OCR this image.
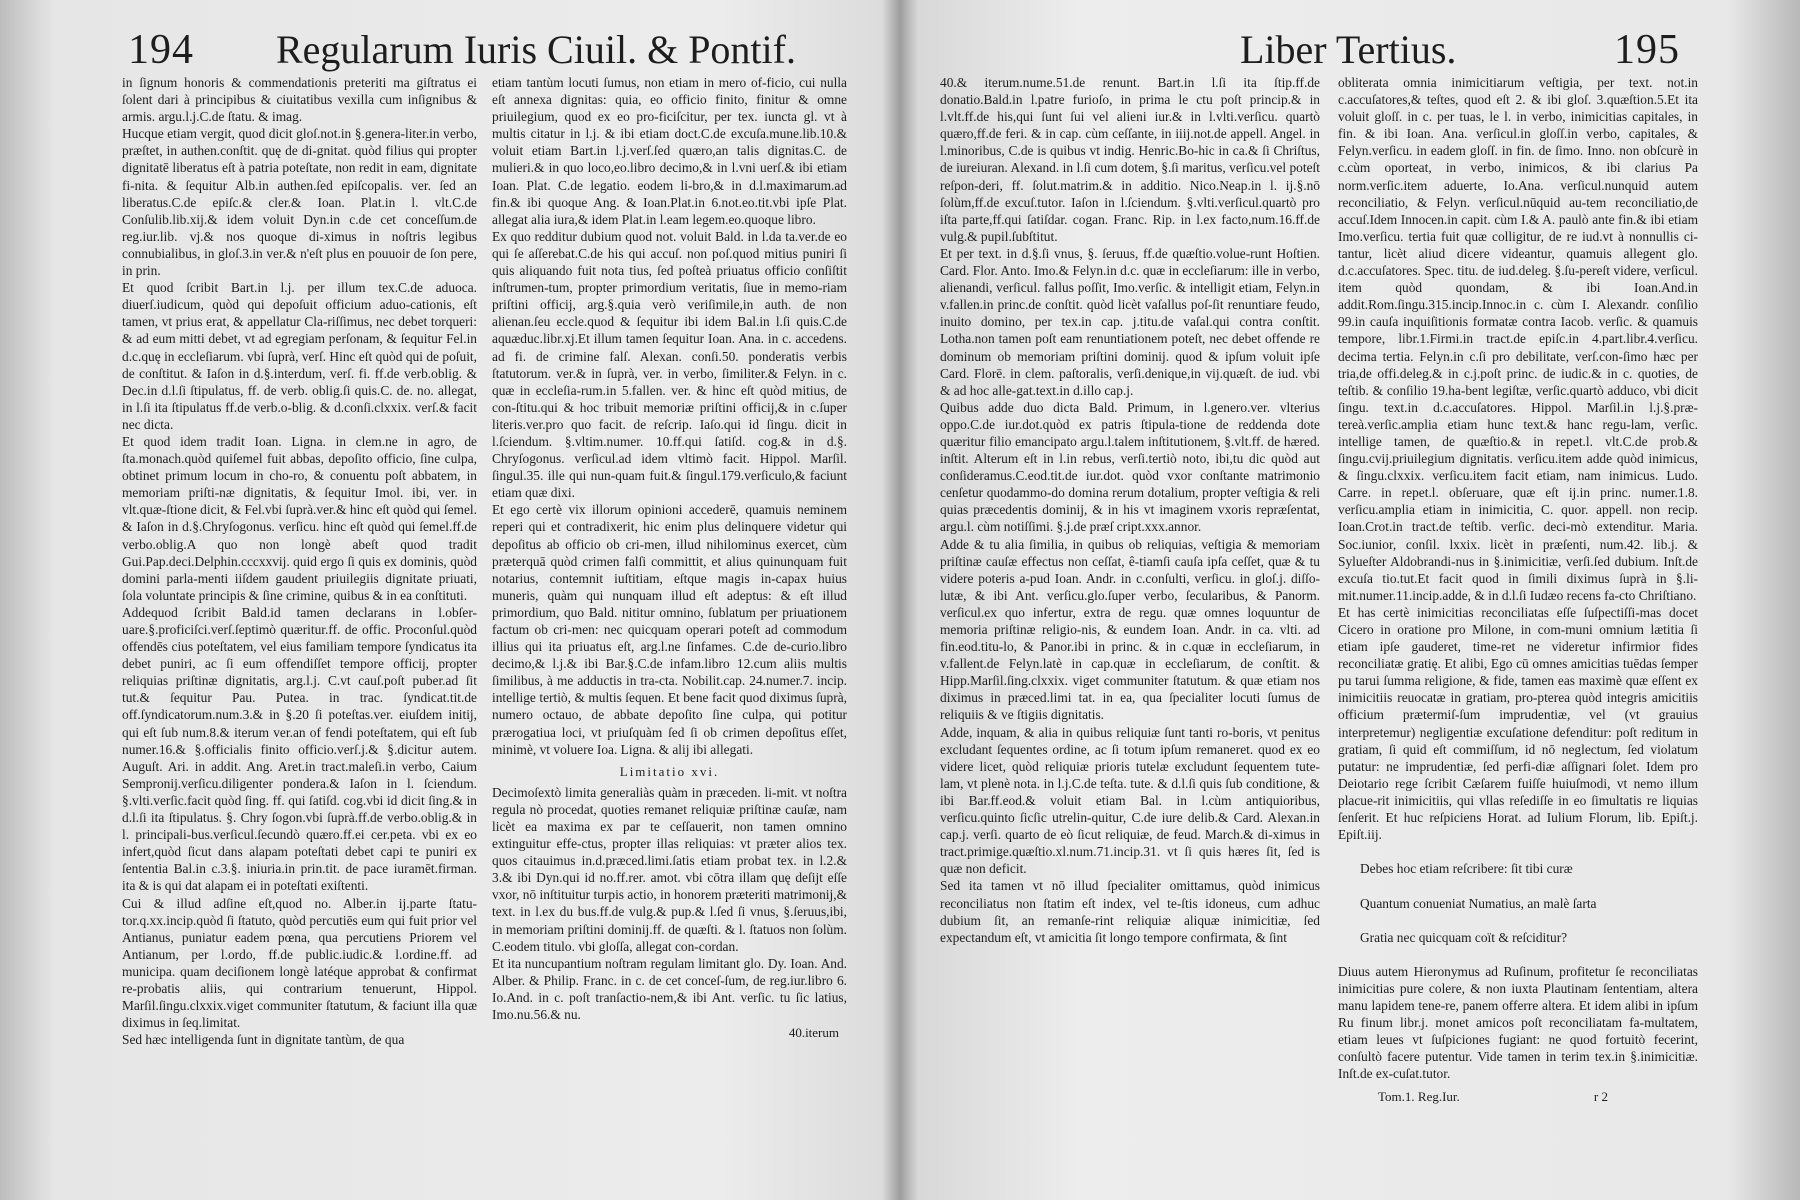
194 Regularum Iuris Ciuil. & Pontif.

in ſignum honoris & commendationis preteriti ma giſtratus ei ſolent dari à principibus & ciuitatibus vexilla cum inſignibus & armis. argu.l.j.C.de ſtatu. & imag.

Hucque etiam vergit, quod dicit gloſ.not.in §.genera-liter.in verbo, præſtet, in authen.conſtit. quę de di-gnitat. quòd filius qui propter dignitatē liberatus eſt à patria poteſtate, non redit in eam, dignitate fi-nita. & ſequitur Alb.in authen.ſed epiſcopalis. ver. ſed an liberatus.C.de epiſc.& cler.& Ioan. Plat.in l. vlt.C.de Conſulib.lib.xij.& idem voluit Dyn.in c.de cet conceſſum.de reg.iur.lib. vj.& nos quoque di-ximus in noſtris legibus connubialibus, in gloſ.3.in ver.& n'eſt plus en pouuoir de ſon pere, in prin.

Et quod ſcribit Bart.in l.j. per illum tex.C.de aduoca. diuerſ.iudicum, quòd qui depoſuit officium aduo-cationis, eſt tamen, vt prius erat, & appellatur Cla-riſſimus, nec debet torqueri: & ad eum mitti debet, vt ad egregiam perſonam, & ſequitur Fel.in d.c.quę in eccleſiarum. vbi ſuprà, verſ. Hinc eſt quòd qui de poſuit, de conſtitut. & Iaſon in d.§.interdum, verſ. fi. ff.de verb.oblig. & Dec.in d.l.ſi ſtipulatus, ff. de verb. oblig.ſi quis.C. de. no. allegat, in l.ſi ita ſtipulatus ff.de verb.o-blig. & d.conſi.clxxix. verſ.& facit nec dicta.

Et quod idem tradit Ioan. Ligna. in clem.ne in agro, de ſta.monach.quòd quiſemel fuit abbas, depoſito officio, ſine culpa, obtinet primum locum in cho-ro, & conuentu poſt abbatem, in memoriam priſti-næ dignitatis, & ſequitur Imol. ibi, ver. in vlt.quæ-ſtione dicit, & Fel.vbi ſuprà.ver.& hinc eſt quòd qui ſemel. & Iaſon in d.§.Chryſogonus. verſicu. hinc eſt quòd qui ſemel.ff.de verbo.oblig.A quo non longè abeſt quod tradit Gui.Pap.deci.Delphin.cccxxvij. quid ergo ſi quis ex dominis, quòd domini parla-menti iiſdem gaudent priuilegiis dignitate priuati, ſola voluntate principis & ſine crimine, quibus & in ea conſtituti.

Addequod ſcribit Bald.id tamen declarans in l.obſer-uare.§.proficiſci.verſ.ſeptimò quæritur.ff. de offic. Proconſul.quòd offendēs cius poteſtatem, vel eius familiam tempore ſyndicatus ita debet puniri, ac ſi eum offendiſſet tempore officij, propter reliquias priſtinæ dignitatis, arg.l.j. C.vt cauſ.poſt puber.ad ſit tut.& ſequitur Pau. Putea. in trac. ſyndicat.tit.de off.ſyndicatorum.num.3.& in §.20 ſi poteſtas.ver. eiuſdem initij, qui eſt ſub num.8.& iterum ver.an of fendi poteſtatem, qui eſt ſub numer.16.& §.officialis finito officio.verſ.j.& §.dicitur autem. Auguſt. Ari. in addit. Ang. Aret.in tract.maleſi.in verbo, Caium Sempronij.verſicu.diligenter pondera.& Iaſon in l. ſciendum. §.vlti.verſic.facit quòd ſing. ff. qui ſatiſd. cog.vbi id dicit ſing.& in d.l.ſi ita ſtipulatus. §. Chry ſogon.vbi ſuprà.ff.de verbo.oblig.& in l. principali-bus.verſicul.ſecundò quæro.ff.ei cer.peta. vbi ex eo infert,quòd ſicut dans alapam poteſtati debet capi te puniri ex ſententia Bal.in c.3.§. iniuria.in prin.tit. de pace iuramēt.firman. ita & is qui dat alapam ei in poteſtati exiſtenti.

Cui & illud adſine eſt,quod no. Alber.in ij.parte ſtatu-tor.q.xx.incip.quòd ſi ſtatuto, quòd percutiēs eum qui fuit prior vel Antianus, puniatur eadem pœna, qua percutiens Priorem vel Antianum, per l.ordo, ff.de public.iudic.& l.ordine.ff. ad municipa. quam deciſionem longè latéque approbat & confirmat re-probatis aliis, qui contrarium tenuerunt, Hippol. Marſil.ſingu.clxxix.viget communiter ſtatutum, & faciunt illa quæ diximus in ſeq.limitat.

Sed hæc intelligenda ſunt in dignitate tantùm, de qua

etiam tantùm locuti ſumus, non etiam in mero of-ficio, cui nulla eſt annexa dignitas: quia, eo officio finito, finitur & omne priuilegium, quod ex eo pro-ficiſcitur, per tex. iuncta gl. vt à multis citatur in l.j. & ibi etiam doct.C.de excuſa.mune.lib.10.& voluit etiam Bart.in l.j.verſ.ſed quæro,an talis dignitas.C. de mulieri.& in quo loco,eo.libro decimo,& in l.vni uerſ.& ibi etiam Ioan. Plat. C.de legatio. eodem li-bro,& in d.l.maximarum.ad fin.& ibi quoque Ang. & Ioan.Plat.in 6.not.eo.tit.vbi ipſe Plat. allegat alia iura,& idem Plat.in l.eam legem.eo.quoque libro.

Ex quo redditur dubium quod not. voluit Bald. in l.da ta.ver.de eo qui ſe aſſerebat.C.de his qui accuſ. non poſ.quod mitius puniri ſi quis aliquando fuit nota tius, ſed poſteà priuatus officio conſiſtit inſtrumen-tum, propter primordium veritatis, ſiue in memo-riam priſtini officij, arg.§.quia verò veriſimile,in auth. de non alienan.ſeu eccle.quod & ſequitur ibi idem Bal.in l.ſi quis.C.de aquæduc.libr.xj.Et illum tamen ſequitur Ioan. Ana. in c. accedens. ad fi. de crimine falſ. Alexan. conſi.50. ponderatis verbis ſtatutorum. ver.& in ſuprà, ver. in verbo, ſimiliter.& Felyn. in c. quæ in eccleſia-rum.in 5.fallen. ver. & hinc eſt quòd mitius, de con-ſtitu.qui & hoc tribuit memoriæ priſtini officij,& in c.ſuper literis.ver.pro quo facit. de reſcrip. Iaſo.qui id ſingu. dicit in l.ſciendum. §.vltim.numer. 10.ff.qui ſatiſd. cog.& in d.§. Chryſogonus. verſicul.ad idem vltimò facit. Hippol. Marſil. ſingul.35. ille qui nun-quam fuit.& ſingul.179.verſiculo,& faciunt etiam quæ dixi.

Et ego certè vix illorum opinioni accederē, quamuis neminem reperi qui et contradixerit, hic enim plus delinquere videtur qui depoſitus ab officio ob cri-men, illud nihilominus exercet, cùm præterquā quòd crimen falſi committit, et alius quinunquam fuit notarius, contemnit iuſtitiam, eſtque magis in-capax huius muneris, quàm qui nunquam illud eſt adeptus: & eſt illud primordium, quo Bald. nititur omnino, ſublatum per priuationem factum ob cri-men: nec quicquam operari poteſt ad commodum illius qui ita priuatus eſt, arg.l.ne ſinfames. C.de de-curio.libro decimo,& l.j.& ibi Bar.§.C.de infam.libro 12.cum aliis multis ſimilibus, à me adductis in tra-cta. Nobilit.cap. 24.numer.7. incip. intellige tertiò, & multis ſequen. Et bene facit quod diximus ſuprà, numero octauo, de abbate depoſito ſine culpa, qui potitur prærogatiua loci, vt priuſquàm ſed ſi ob crimen depoſitus eſſet, minimè, vt voluere Ioa. Ligna. & alij ibi allegati.

Limitatio xvi.

Decimoſextò limita generaliàs quàm in præceden. li-mit. vt noſtra regula nò procedat, quoties remanet reliquiæ priſtinæ cauſæ, nam licèt ea maxima ex par te ceſſauerit, non tamen omnino extinguitur effe-ctus, propter illas reliquias: vt præter alios tex. quos citauimus in.d.præced.limi.ſatis etiam probat tex. in l.2.& 3.& ibi Dyn.qui id no.ff.rer. amot. vbi cōtra illam quę deſijt eſſe vxor, nō inſtituitur turpis actio, in honorem præteriti matrimonij,& text. in l.ex du bus.ff.de vulg.& pup.& l.ſed ſi vnus, §.ſeruus,ibi, in memoriam priſtini dominij.ff. de quæſti. & l. ſtatuos non ſolùm. C.eodem titulo. vbi gloſſa, allegat con-cordan.

Et ita nuncupantium noſtram regulam limitant glo. Dy. Ioan. And. Alber. & Philip. Franc. in c. de cet conceſ-ſum, de reg.iur.libro 6. Io.And. in c. poſt tranſactio-nem,& ibi Ant. verſic. tu ſic latius, Imo.nu.56.& nu.

40.iterum
Liber Tertius.	195

40.& iterum.nume.51.de renunt. Bart.in l.ſi ita ſtip.ff.de donatio.Bald.in l.patre furioſo, in prima le ctu poſt princip.& in l.vlt.ff.de his,qui ſunt ſui vel alieni iur.& in l.vlti.verſicu. quartò quæro,ff.de feri. & in cap. cùm ceſſante, in iiij.not.de appell. Angel. in l.minoribus, C.de is quibus vt indig. Henric.Bo-hic in ca.& ſi Chriſtus, de iureiuran. Alexand. in l.ſi cum dotem, §.ſi maritus, verſicu.vel poteſt reſpon-deri, ff. ſolut.matrim.& in additio. Nico.Neap.in l. ij.§.nō ſolùm,ff.de excuſ.tutor. Iaſon in l.ſciendum. §.vlti.verſicul.quartò pro iſta parte,ff.qui ſatiſdar. cogan. Franc. Rip. in l.ex facto,num.16.ff.de vulg.& pupil.ſubſtitut.

Et per text. in d.§.ſi vnus, §. ſeruus, ff.de quæſtio.volue-runt Hoſtien. Card. Flor. Anto. Imo.& Felyn.in d.c. quæ in eccleſiarum: ille in verbo, alienandi, verſicul. fallus poſſit, Imo.verſic. & intelligit etiam, Felyn.in v.fallen.in princ.de conſtit. quòd licèt vaſallus poſ-ſit renuntiare feudo, inuito domino, per tex.in cap. j.titu.de vaſal.qui contra conſtit. Lotha.non tamen poſt eam renuntiationem poteſt, nec debet offende re dominum ob memoriam priſtini dominij. quod & ipſum voluit ipſe Card. Florē. in clem. paſtoralis, verſi.denique,in vij.quæſt. de iud. vbi & ad hoc alle-gat.text.in d.illo cap.j.

Quibus adde duo dicta Bald. Primum, in l.genero.ver. vlterius oppo.C.de iur.dot.quòd ex patris ſtipula-tione de reddenda dote quæritur filio emancipato argu.l.talem inſtitutionem, §.vlt.ff. de hæred. inſtit. Alterum eſt in l.in rebus, verſi.tertiò noto, ibi,tu dic quòd aut conſideramus.C.eod.tit.de iur.dot. quòd vxor conſtante matrimonio cenſetur quodammo-do domina rerum dotalium, propter veſtigia & reli quias præcedentis dominij, & in his vt imaginem vxoris repræſentat, argu.l. cùm notiſſimi. §.j.de præſ cript.xxx.annor.

Adde & tu alia ſimilia, in quibus ob reliquias, veſtigia & memoriam priſtinæ cauſæ effectus non ceſſat, ê-tiamſi cauſa ipſa ceſſet, quæ & tu videre poteris a-pud Ioan. Andr. in c.conſulti, verſicu. in gloſ.j. diſſo-lutæ, & ibi Ant. verſicu.glo.ſuper verbo, ſecularibus, & Panorm. verſicul.ex quo infertur, extra de regu. quæ omnes loquuntur de memoria priſtinæ religio-nis, & eundem Ioan. Andr. in ca. vlti. ad fin.eod.titu-lo, & Panor.ibi in princ. & in c.quæ in eccleſiarum, in v.fallent.de Felyn.latè in cap.quæ in eccleſiarum, de conſtit. & Hipp.Marſil.ſing.clxxix. viget communiter ſtatutum. & quæ etiam nos diximus in præced.limi tat. in ea, qua ſpecialiter locuti ſumus de reliquiis & ve ſtigiis dignitatis.

Adde, inquam, & alia in quibus reliquiæ ſunt tanti ro-boris, vt penitus excludant ſequentes ordine, ac ſi totum ipſum remaneret. quod ex eo videre licet, quòd reliquiæ prioris tutelæ excludunt ſequentem tute-lam, vt plenè nota. in l.j.C.de teſta. tute. & d.l.ſi quis ſub conditione, & ibi Bar.ff.eod.& voluit etiam Bal. in l.cùm antiquioribus, verſicu.quinto ſicſic utrelin-quitur, C.de iure delib.& Card. Alexan.in cap.j. verſi. quarto de eò ſicut reliquiæ, de feud. March.& di-ximus in tract.primige.quæſtio.xl.num.71.incip.31. vt ſi quis hæres ſit, ſed is quæ non deficit.

Sed ita tamen vt nō illud ſpecialiter omittamus, quòd inimicus reconciliatus non ſtatim eſt index, vel te-ſtis idoneus, cum adhuc dubium ſit, an remanſe-rint reliquiæ aliquæ inimicitiæ, ſed expectandum eſt, vt amicitia ſit longo tempore confirmata, & ſint

obliterata omnia inimicitiarum veſtigia, per text. not.in c.accuſatores,& teſtes, quod eſt 2. & ibi gloſ. 3.quæſtion.5.Et ita voluit gloſſ. in c. per tuas, le l. in verbo, inimicitias capitales, in fin. & ibi Ioan. Ana. verſicul.in gloſſ.in verbo, capitales, & Felyn.verſicu. in eadem gloſſ. in fin. de ſimo. Inno. non obſcurè in c.cùm oporteat, in verbo, inimicos, & ibi clarius Pa norm.verſic.item aduerte, Io.Ana. verſicul.nunquid autem reconciliatio, & Felyn. verſicul.nūquid au-tem reconciliatio,de accuſ.Idem Innocen.in capit. cùm I.& A. paulò ante fin.& ibi etiam Imo.verſicu. tertia fuit quæ colligitur, de re iud.vt à nonnullis ci-tantur, licèt aliud dicere videantur, quamuis allegent glo. d.c.accuſatores. Spec. titu. de iud.deleg. §.ſu-pereſt videre, verſicul. item quòd quondam, & ibi Ioan.And.in addit.Rom.ſingu.315.incip.Innoc.in c. cùm I. Alexandr. conſilio 99.in cauſa inquiſitionis formatæ contra Iacob. verſic. & quamuis tempore, libr.1.Firmi.in tract.de epiſc.in 4.part.libr.4.verſicu. decima tertia. Felyn.in c.ſi pro debilitate, verſ.con-ſimo hæc per tria,de offi.deleg.& in c.j.poſt princ. de iudic.& in c. quoties, de teſtib. & conſilio 19.ha-bent legiſtæ, verſic.quartò adduco, vbi dicit ſingu. text.in d.c.accuſatores. Hippol. Marſil.in l.j.§.præ-tereà.verſic.amplia etiam hunc text.& hanc regu-lam, verſic. intellige tamen, de quæſtio.& in repet.l. vlt.C.de prob.& ſingu.cvij.priuilegium dignitatis. verſicu.item adde quòd inimicus, & ſingu.clxxix. verſicu.item facit etiam, nam inimicus. Ludo. Carre. in repet.l. obſeruare, quæ eſt ij.in princ. numer.1.8. verſicu.amplia etiam in inimicitia, C. quor. appell. non recip. Ioan.Crot.in tract.de teſtib. verſic. deci-mò extenditur. Maria. Soc.iunior, conſil. lxxix. licèt in præſenti, num.42. lib.j. & Sylueſter Aldobrandi-nus in §.inimicitiæ, verſi.ſed dubium. Inſt.de excuſa tio.tut.Et facit quod in ſimili diximus ſuprà in §.li-mit.numer.11.incip.adde, & in d.l.ſi Iudæo recens fa-cto Chriſtiano.

Et has certè inimicitias reconciliatas eſſe ſuſpectiſſi-mas docet Cicero in oratione pro Milone, in com-muni omnium lætitia ſi etiam ipſe gauderet, time-ret ne videretur infirmior fides reconciliatæ gratię. Et alibi, Ego cū omnes amicitias tuēdas ſemper pu tarui ſumma religione, & fide, tamen eas maximè quæ eſſent ex inimicitiis reuocatæ in gratiam, pro-pterea quòd integris amicitiis officium prætermiſ-ſum imprudentiæ, vel (vt grauius interpretemur) negligentiæ excuſatione defenditur: poſt reditum in gratiam, ſi quid eſt commiſſum, id nō neglectum, ſed violatum putatur: ne imprudentiæ, ſed perfi-diæ aſſignari ſolet. Idem pro Deiotario rege ſcribit Cæſarem fuiſſe huiuſmodi, vt nemo illum placue-rit inimicitiis, qui vllas reſediſſe in eo ſimultatis re liquias ſenſerit. Et huc reſpiciens Horat. ad Iulium Florum, lib. Epiſt.j. Epiſt.iij.

Debes hoc etiam reſcribere: ſit tibi curæ

Quantum conueniat Numatius, an malè ſarta

Gratia nec quicquam coït & reſciditur?

Diuus autem Hieronymus ad Ruſinum, profitetur ſe reconciliatas inimicitias pure colere, & non iuxta Plautinam ſententiam, altera manu lapidem tene-re, panem offerre altera. Et idem alibi in ipſum Ru finum libr.j. monet amicos poſt reconciliatam fa-multatem, etiam leues vt ſuſpiciones fugiant: ne quod fortuitò fecerint, conſultò facere putentur. Vide tamen in terim tex.in §.inimicitiæ. Inſt.de ex-cuſat.tutor.

Tom.1. Reg.Iur.	r 2
